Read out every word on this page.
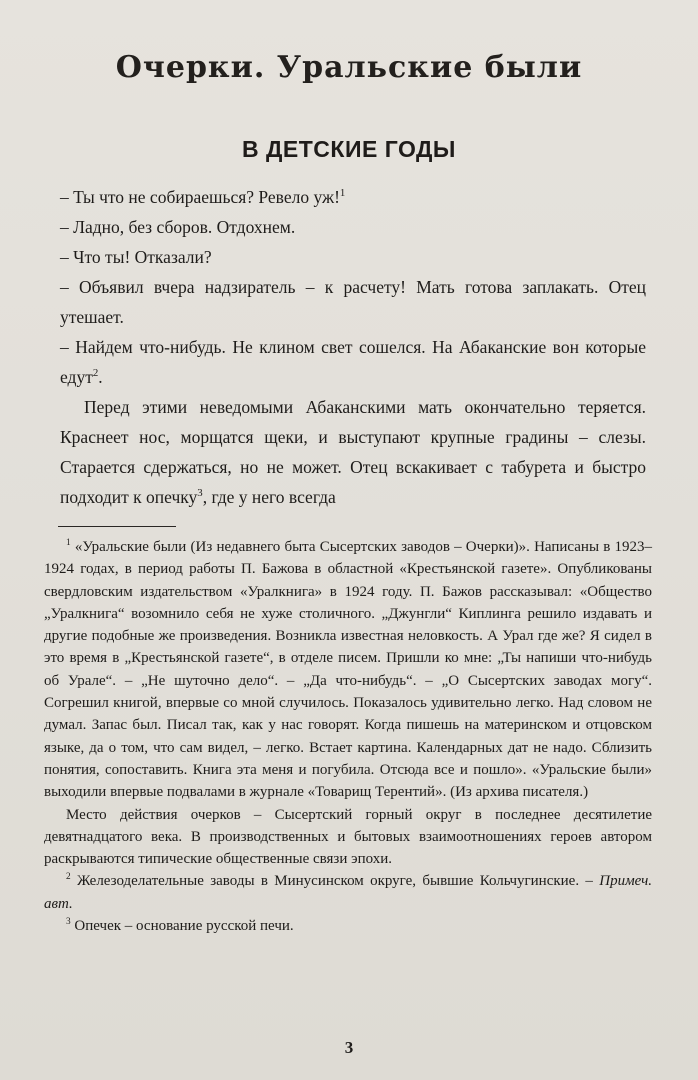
Очерки. Уральские были
В ДЕТСКИЕ ГОДЫ

– Ты что не собираешься? Ревело уж!$^1$

– Ладно, без сборов. Отдохнем.

– Что ты! Отказали?

– Объявил вчера надзиратель – к расчету! Мать готова заплакать. Отец утешает.

– Найдем что-нибудь. Не клином свет сошелся. На Абаканские вон которые едут$^2$.

Перед этими неведомыми Абаканскими мать окончательно теряется. Краснеет нос, морщатся щеки, и выступают крупные градины – слезы. Старается сдержаться, но не может. Отец вскакивает с табурета и быстро подходит к опечку$^3$, где у него всегда

$^1$ «Уральские были (Из недавнего быта Сысертских заводов – Очерки)». Написаны в 1923–1924 годах, в период работы П. Бажова в областной «Крестьянской газете». Опубликованы свердловским издательством «Уралкнига» в 1924 году. П. Бажов рассказывал: «Общество „Уралкнига“ возомнило себя не хуже столичного. „Джунгли“ Киплинга решило издавать и другие подобные же произведения. Возникла известная неловкость. А Урал где же? Я сидел в это время в „Крестьянской газете“, в отделе писем. Пришли ко мне: „Ты напиши что-нибудь об Урале“. – „Не шуточно дело“. – „Да что-нибудь“. – „О Сысертских заводах могу“. Согрешил книгой, впервые со мной случилось. Показалось удивительно легко. Над словом не думал. Запас был. Писал так, как у нас говорят. Когда пишешь на материнском и отцовском языке, да о том, что сам видел, – легко. Встает картина. Календарных дат не надо. Сблизить понятия, сопоставить. Книга эта меня и погубила. Отсюда все и пошло». «Уральские были» выходили впервые подвалами в журнале «Товарищ Терентий». (Из архива писателя.)

Место действия очерков – Сысертский горный округ в последнее десятилетие девятнадцатого века. В производственных и бытовых взаимоотношениях героев автором раскрываются типические общественные связи эпохи.

$^2$ Железоделательные заводы в Минусинском округе, бывшие Кольчугинские. – Примеч. авт.

$^3$ Опечек – основание русской печи.

3
